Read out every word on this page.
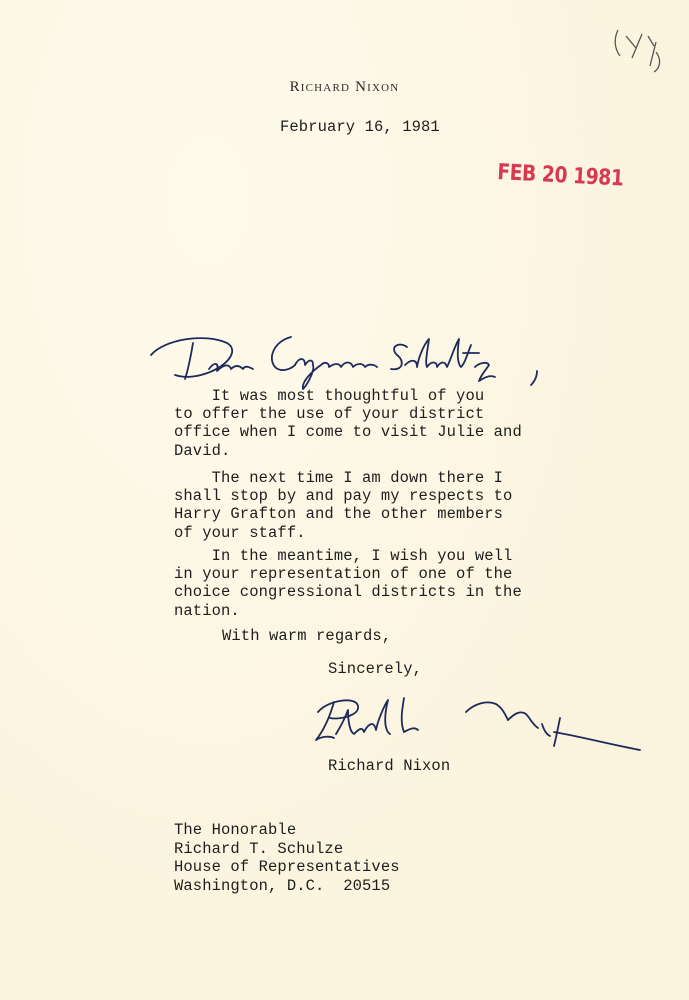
Richard Nixon
February 16, 1981
FEB 20 1981

It was most thoughtful of you
to offer the use of your district
office when I come to visit Julie and
David.

The next time I am down there I
shall stop by and pay my respects to
Harry Grafton and the other members
of your staff.

In the meantime, I wish you well
in your representation of one of the
choice congressional districts in the
nation.

With warm regards,
Sincerely,
Richard Nixon
The Honorable
Richard T. Schulze
House of Representatives
Washington, D.C.  20515
